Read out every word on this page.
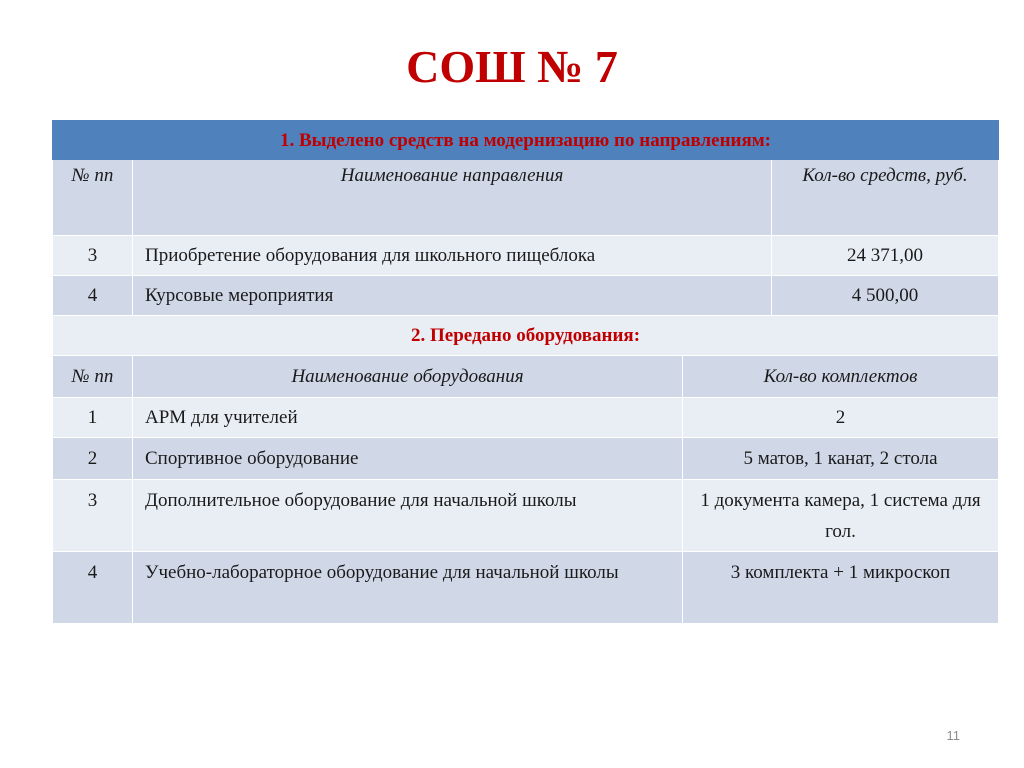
СОШ № 7
1. Выделено средств на модернизацию по направлениям:			
№ пп	Наименование направления		Кол-во средств, руб.
3	Приобретение оборудования для школьного пищеблока		24 371,00
4	Курсовые мероприятия		4 500,00
2. Передано оборудования:			
№ пп	Наименование оборудования	Кол-во комплектов	
1	АРМ для учителей	2	
2	Спортивное оборудование	5 матов, 1 канат, 2 стола	
3	Дополнительное оборудование для начальной школы	1 документа камера, 1 система для гол.	
4	Учебно-лабораторное оборудование для начальной школы	3 комплекта + 1 микроскоп	
11
